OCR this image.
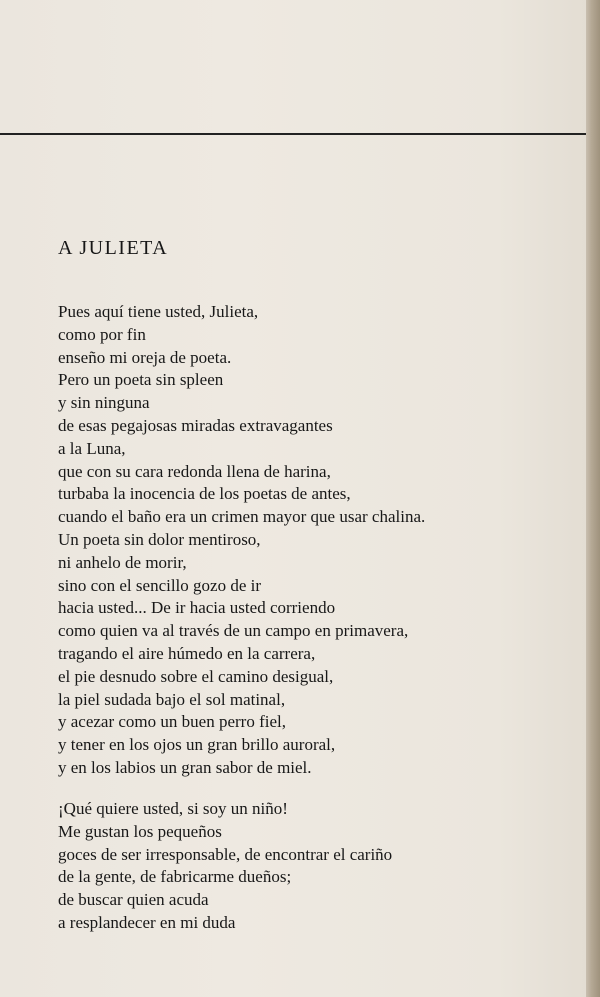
A JULIETA
Pues aquí tiene usted, Julieta,
como por fin
enseño mi oreja de poeta.
Pero un poeta sin spleen
y sin ninguna
de esas pegajosas miradas extravagantes
a la Luna,
que con su cara redonda llena de harina,
turbaba la inocencia de los poetas de antes,
cuando el baño era un crimen mayor que usar chalina.
Un poeta sin dolor mentiroso,
ni anhelo de morir,
sino con el sencillo gozo de ir
hacia usted... De ir hacia usted corriendo
como quien va al través de un campo en primavera,
tragando el aire húmedo en la carrera,
el pie desnudo sobre el camino desigual,
la piel sudada bajo el sol matinal,
y acezar como un buen perro fiel,
y tener en los ojos un gran brillo auroral,
y en los labios un gran sabor de miel.
¡Qué quiere usted, si soy un niño!
Me gustan los pequeños
goces de ser irresponsable, de encontrar el cariño
de la gente, de fabricarme dueños;
de buscar quien acuda
a resplandecer en mi duda
